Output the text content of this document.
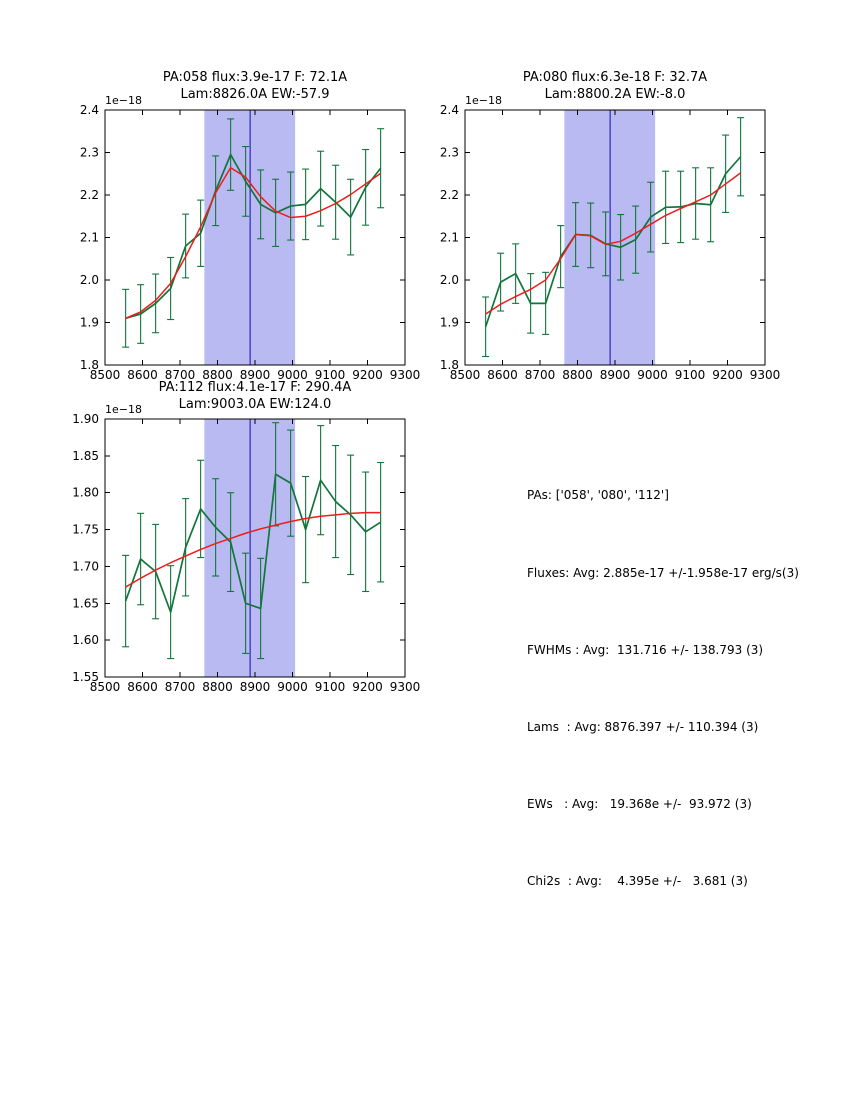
8500 8600 8700 8800 8900 9000 9100 9200 9300
1.8
1.9
2.0
2.1
2.2
2.3
2.4
PA:058 flux:3.9e-17 F: 72.1A
Lam:8826.0A EW:-57.9
1e−18
8500 8600 8700 8800 8900 9000 9100 9200 9300
1.8
1.9
2.0
2.1
2.2
2.3
2.4
PA:080 flux:6.3e-18 F: 32.7A
Lam:8800.2A EW:-8.0
1e−18
8500 8600 8700 8800 8900 9000 9100 9200 9300
1.55
1.60
1.65
1.70
1.75
1.80
1.85
1.90
PA:112 flux:4.1e-17 F: 290.4A
Lam:9003.0A EW:124.0
1e−18

PAs: ['058', '080', '112']

Fluxes: Avg: 2.885e-17 +/-1.958e-17 erg/s(3)

FWHMs : Avg:  131.716 +/- 138.793 (3)

Lams  : Avg: 8876.397 +/- 110.394 (3)

EWs   : Avg:   19.368e +/-  93.972 (3)

Chi2s  : Avg:    4.395e +/-   3.681 (3)
